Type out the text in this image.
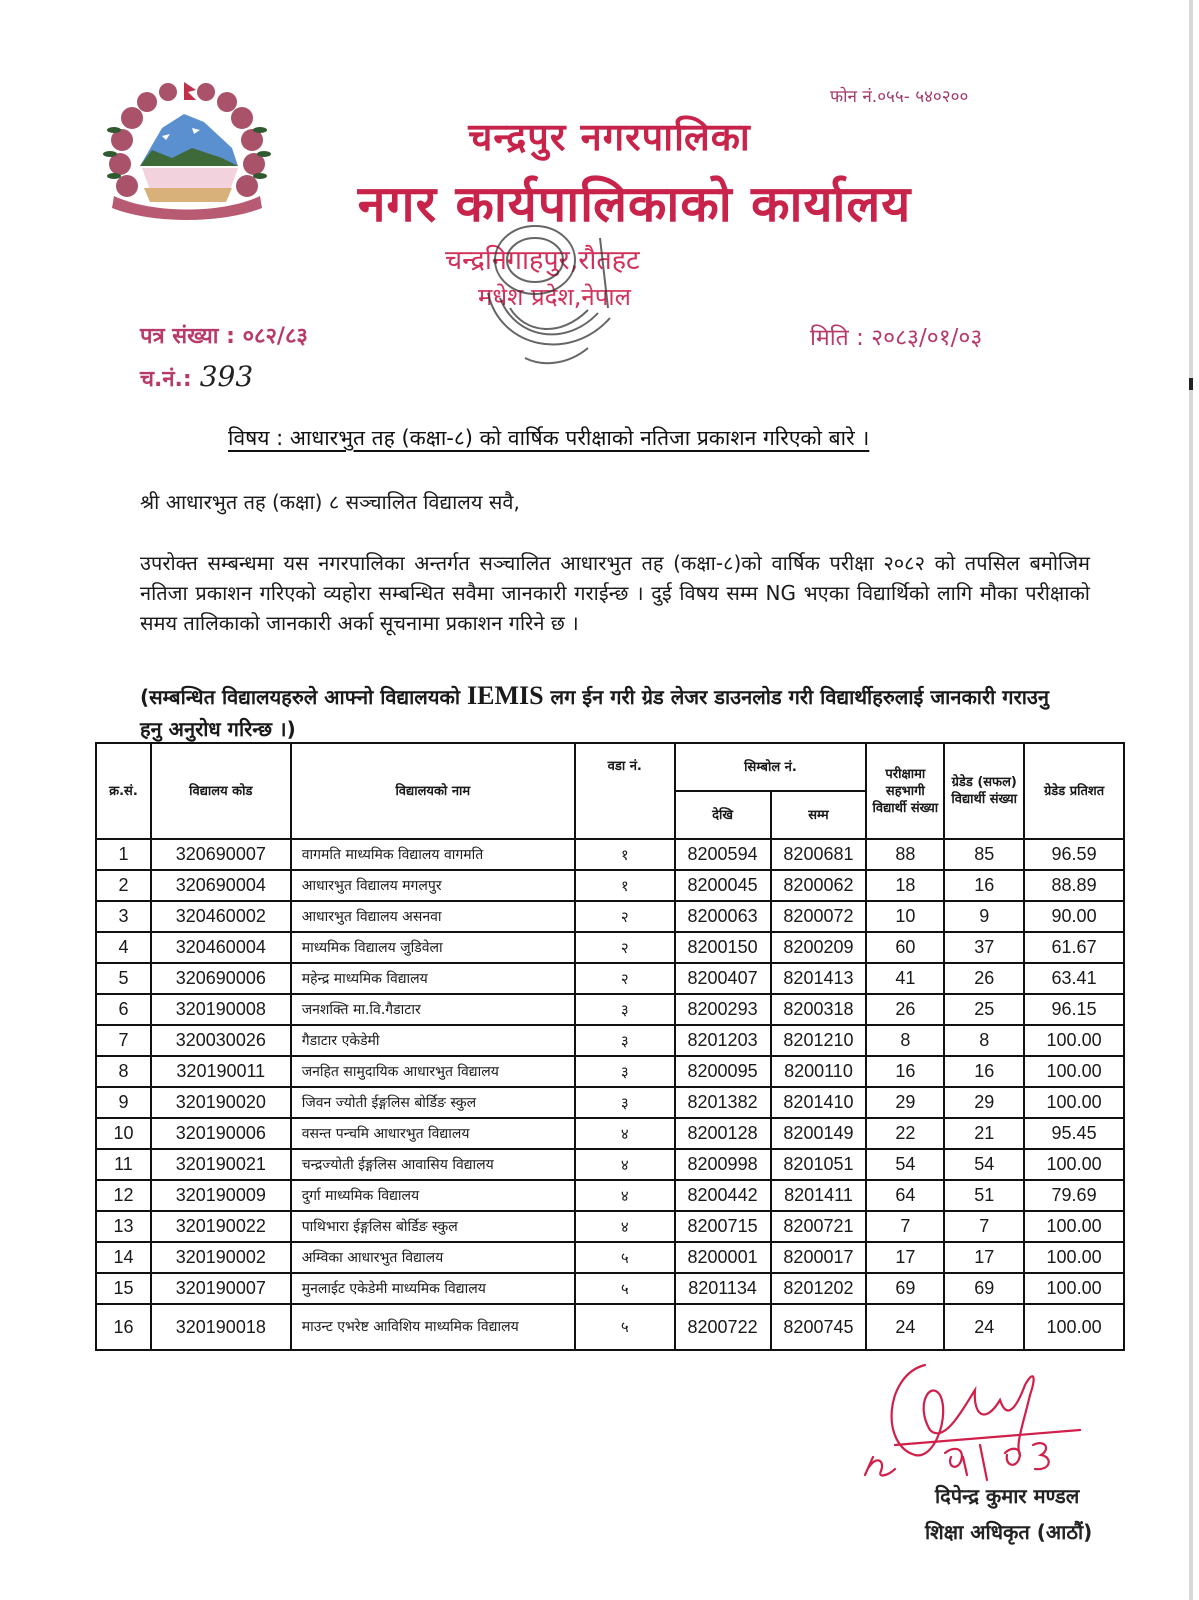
फोन नं.०५५- ५४०२००
चन्द्रपुर नगरपालिका
नगर कार्यपालिकाको कार्यालय
चन्द्रनिगाहपुर,रौतहट
मधेश प्रदेश,नेपाल
पत्र संख्या : ०८२/८३
च.नं.: 393
मिति : २०८३/०१/०३
विषय : आधारभुत तह (कक्षा-८) को वार्षिक परीक्षाको नतिजा प्रकाशन गरिएको बारे ।
श्री आधारभुत तह (कक्षा) ८ सञ्चालित विद्यालय सवै,
उपरोक्त सम्बन्धमा यस नगरपालिका अन्तर्गत सञ्चालित आधारभुत तह (कक्षा-८)को वार्षिक परीक्षा २०८२ को तपसिल बमोजिम नतिजा प्रकाशन गरिएको व्यहोरा सम्बन्धित सवैमा जानकारी गराईन्छ । दुई विषय सम्म NG भएका विद्यार्थिको लागि मौका परीक्षाको समय तालिकाको जानकारी अर्का सूचनामा प्रकाशन गरिने छ ।
(सम्बन्धित विद्यालयहरुले आफ्नो विद्यालयको IEMIS लग ईन गरी ग्रेड लेजर डाउनलोड गरी विद्यार्थीहरुलाई जानकारी गराउनु हनु अनुरोध गरिन्छ ।)
क्र.सं.	विद्यालय कोड	विद्यालयको नाम	वडा नं.	सिम्बोल नं.		परीक्षामा सहभागी विद्यार्थी संख्या	ग्रेडेड (सफल) विद्यार्थी संख्या	ग्रेडेड प्रतिशत
				देखि	सम्म			
1	320690007	वागमति माध्यमिक विद्यालय वागमति	१	8200594	8200681	88	85	96.59
2	320690004	आधारभुत विद्यालय मगलपुर	१	8200045	8200062	18	16	88.89
3	320460002	आधारभुत विद्यालय असनवा	२	8200063	8200072	10	9	90.00
4	320460004	माध्यमिक विद्यालय जुडिवेला	२	8200150	8200209	60	37	61.67
5	320690006	महेन्द्र माध्यमिक विद्यालय	२	8200407	8201413	41	26	63.41
6	320190008	जनशक्ति मा.वि.गैडाटार	३	8200293	8200318	26	25	96.15
7	320030026	गैडाटार एकेडेमी	३	8201203	8201210	8	8	100.00
8	320190011	जनहित सामुदायिक आधारभुत विद्यालय	३	8200095	8200110	16	16	100.00
9	320190020	जिवन ज्योती ईङ्गलिस बोर्डिङ स्कुल	३	8201382	8201410	29	29	100.00
10	320190006	वसन्त पन्चमि आधारभुत विद्यालय	४	8200128	8200149	22	21	95.45
11	320190021	चन्द्रज्योती ईङ्गलिस आवासिय विद्यालय	४	8200998	8201051	54	54	100.00
12	320190009	दुर्गा माध्यमिक विद्यालय	४	8200442	8201411	64	51	79.69
13	320190022	पाथिभारा ईङ्गलिस बोर्डिङ स्कुल	४	8200715	8200721	7	7	100.00
14	320190002	अम्विका आधारभुत विद्यालय	५	8200001	8200017	17	17	100.00
15	320190007	मुनलाईट एकेडेमी माध्यमिक विद्यालय	५	8201134	8201202	69	69	100.00
16	320190018	माउन्ट एभरेष्ट आविशिय माध्यमिक विद्यालय	५	8200722	8200745	24	24	100.00
दिपेन्द्र कुमार मण्डल
शिक्षा अधिकृत (आठौं)
